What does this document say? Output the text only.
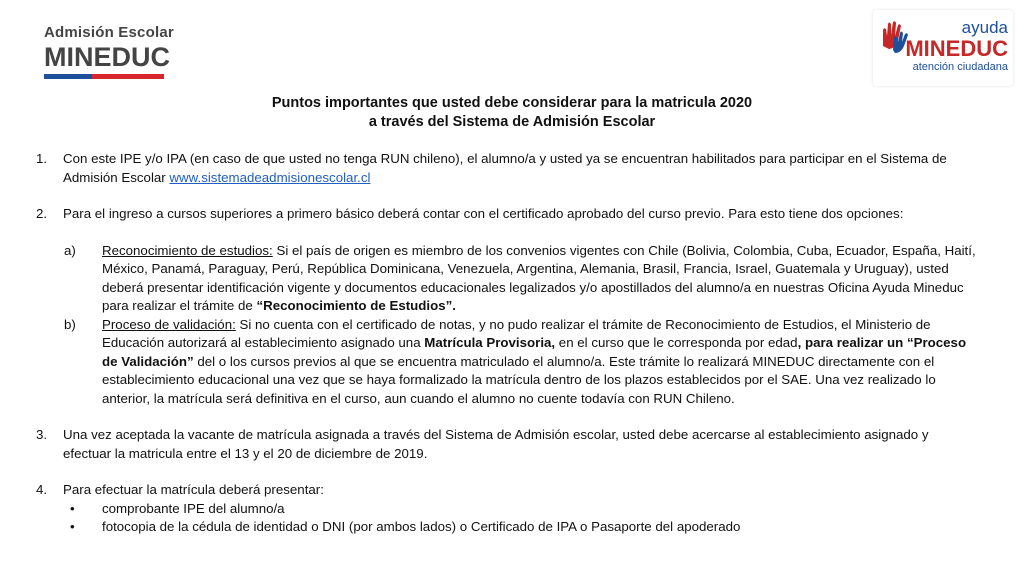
Admisión Escolar
MINEDUC
ayuda
MINEDUC
atención ciudadana
Puntos importantes que usted debe considerar para la matricula 2020
a través del Sistema de Admisión Escolar
1.	Con este IPE y/o IPA (en caso de que usted no tenga RUN chileno), el alumno/a y usted ya se encuentran habilitados para participar en el Sistema de Admisión Escolar www.sistemadeadmisionescolar.cl
2.	Para el ingreso a cursos superiores a primero básico deberá contar con el certificado aprobado del curso previo. Para esto tiene dos opciones:
a)	Reconocimiento de estudios: Si el país de origen es miembro de los convenios vigentes con Chile (Bolivia, Colombia, Cuba, Ecuador, España, Haití, México, Panamá, Paraguay, Perú, República Dominicana, Venezuela, Argentina, Alemania, Brasil, Francia, Israel, Guatemala y Uruguay), usted deberá presentar identificación vigente y documentos educacionales legalizados y/o apostillados del alumno/a en nuestras Oficina Ayuda Mineduc para realizar el trámite de “Reconocimiento de Estudios”.
b)	Proceso de validación: Si no cuenta con el certificado de notas, y no pudo realizar el trámite de Reconocimiento de Estudios, el Ministerio de Educación autorizará al establecimiento asignado una Matrícula Provisoria, en el curso que le corresponda por edad, para realizar un “Proceso de Validación” del o los cursos previos al que se encuentra matriculado el alumno/a. Este trámite lo realizará MINEDUC directamente con el establecimiento educacional una vez que se haya formalizado la matrícula dentro de los plazos establecidos por el SAE. Una vez realizado lo anterior, la matrícula será definitiva en el curso, aun cuando el alumno no cuente todavía con RUN Chileno.
3.	Una vez aceptada la vacante de matrícula asignada a través del Sistema de Admisión escolar, usted debe acercarse al establecimiento asignado y efectuar la matricula entre el 13 y el 20 de diciembre de 2019.
4.	Para efectuar la matrícula deberá presentar:
•	comprobante IPE del alumno/a
•	fotocopia de la cédula de identidad o DNI (por ambos lados) o Certificado de IPA o Pasaporte del apoderado
